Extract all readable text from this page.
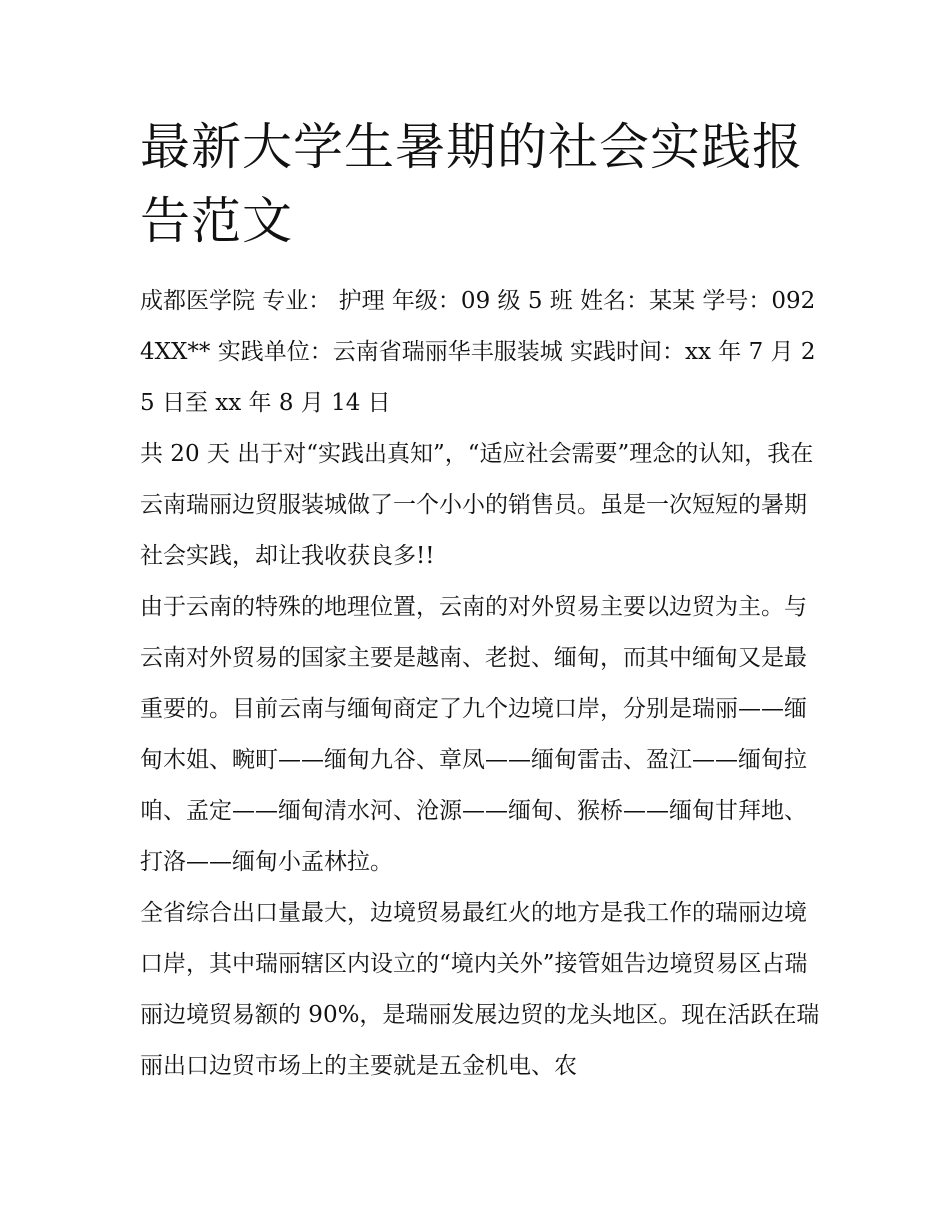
最新大学生暑期的社会实践报告范文

成都医学院 专业： 护理 年级：09 级 5 班 姓名：某某 学号：0924XX** 实践单位：云南省瑞丽华丰服装城 实践时间：xx 年 7 月 25 日至 xx 年 8 月 14 日

共 20 天 出于对“实践出真知”，“适应社会需要”理念的认知，我在云南瑞丽边贸服装城做了一个小小的销售员。虽是一次短短的暑期社会实践，却让我收获良多!!

由于云南的特殊的地理位置，云南的对外贸易主要以边贸为主。与云南对外贸易的国家主要是越南、老挝、缅甸，而其中缅甸又是最重要的。目前云南与缅甸商定了九个边境口岸，分别是瑞丽——缅甸木姐、畹町——缅甸九谷、章凤——缅甸雷击、盈江——缅甸拉咱、孟定——缅甸清水河、沧源——缅甸、猴桥——缅甸甘拜地、打洛——缅甸小孟林拉。

全省综合出口量最大，边境贸易最红火的地方是我工作的瑞丽边境口岸，其中瑞丽辖区内设立的“境内关外”接管姐告边境贸易区占瑞丽边境贸易额的 90%，是瑞丽发展边贸的龙头地区。现在活跃在瑞丽出口边贸市场上的主要就是五金机电、农
